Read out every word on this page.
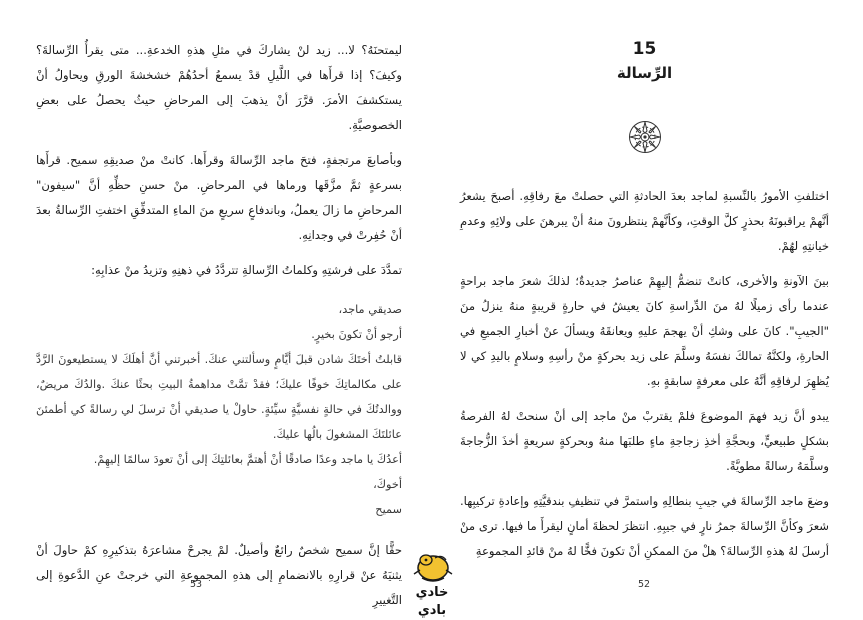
ليمتحنَهُ؟ لا... زيد لنْ يشاركَ في مثلِ هذهِ الخدعةِ... متى يقرأُ الرِّسالةَ؟ وكيفَ؟ إذا قرأَها في اللَّيلِ قدْ يسمعُ أحدُهُمْ خشخشةَ الورقِ ويحاولُ أنْ يستكشفَ الأمرَ. قرَّرَ أنْ يذهبَ إلى المرحاضِ حيثُ يحصلُ على بعضِ الخصوصيَّةِ.

وبأصابعَ مرتجفةٍ، فتحَ ماجد الرِّسالةَ وقرأَها. كانتْ منْ صديقِهِ سميح. قرأَها بسرعةٍ ثمَّ مزَّقَها ورماها في المرحاضِ. منْ حسنِ حظِّهِ أنَّ "سيفون" المرحاضِ ما زالَ يعملُ، وباندفاعٍ سريعٍ منَ الماءِ المتدفِّقِ اختفتِ الرِّسالةُ بعدَ أنْ حُفِرتْ في وجدانِهِ.

تمدَّدَ على فرشتِهِ وكلماتُ الرِّسالةِ تتردَّدُ في ذهنِهِ وتزيدُ منْ عذابِهِ:

صديقي ماجد،

أرجو أنْ تكونَ بخيرٍ.

قابلتُ أختَكَ شادن قبلَ أيَّامٍ وسألتني عنكَ. أخبرتني أنَّ أهلَكَ لا يستطيعونَ الرَّدَّ على مكالماتِكَ خوفًا عليكَ؛ فقدْ تمَّتْ مداهمةُ البيتِ بحثًا عنكَ .والدُكَ مريضٌ، ووالدتُكَ في حالةٍ نفسيَّةٍ سيِّئةٍ. حاولْ يا صديقي أنْ ترسلَ لي رسالةً كي أطمئنَ عائلتَكَ المشغولَ بالُها عليكَ.

أعدُكَ يا ماجد وعدًا صادقًا أنْ أهتمَّ بعائلتِكَ إلى أنْ تعودَ سالمًا إليهِمْ.

أخوكَ،

سميح

حقًّا إنَّ سميح شخصٌ رائعٌ وأصيلٌ. لمْ يجرحْ مشاعرَهُ بتذكيرِهِ كمْ حاولَ أنْ يثنيَهُ عنْ قرارِهِ بالانضمامِ إلى هذهِ المجموعةِ التي خرجتْ عنِ الدَّعوةِ إلى التَّغييرِ

53
15
الرِّسالة

اختلفتِ الأمورُ بالنِّسبةِ لماجد بعدَ الحادثةِ التي حصلتْ معَ رفاقِهِ. أصبحَ يشعرُ أنَّهمْ يراقبونَهُ بحذرٍ كلَّ الوقتِ، وكأنَّهمْ ينتظرونَ منهُ أنْ يبرهنَ على ولائِهِ وعدمِ خيانتِهِ لهُمْ.

بينَ الآونةِ والأخرى، كانتْ تنضمُّ إليهِمْ عناصرُ جديدةٌ؛ لذلكَ شعرَ ماجد براحةٍ عندما رأى زميلًا لهُ منَ الدِّراسةِ كانَ يعيشُ في حارةٍ قريبةٍ منهُ ينزلُ منَ "الجيبِ". كانَ على وشكِ أنْ يهجمَ عليهِ ويعانقَهُ ويسألَ عنْ أخبارِ الجميعِ في الحارةِ، ولكنَّهُ تمالكَ نفسَهُ وسلَّمَ على زيد بحركةٍ منْ رأسِهِ وسلامٍ باليدِ كي لا يُظهِرَ لرفاقِهِ أنَّهُ على معرفةٍ سابقةٍ بهِ.

يبدو أنَّ زيد فهمَ الموضوعَ فلمْ يقتربْ منْ ماجد إلى أنْ سنحتْ لهُ الفرصةُ بشكلٍ طبيعيٍّ، وبحجَّةِ أخذِ زجاجةِ ماءٍ طلبَها منهُ وبحركةٍ سريعةٍ أخذَ الزُّجاجةَ وسلَّمَهُ رسالةً مطويَّةً.

وضعَ ماجد الرِّسالةَ في جيبِ بنطالِهِ واستمرَّ في تنظيفِ بندقيَّتِهِ وإعادةِ تركيبِها. شعرَ وكأنَّ الرِّسالةَ جمرُ نارٍ في جيبِهِ. انتظرَ لحظةَ أمانٍ ليقرأَ ما فيها. ترى منْ أرسلَ لهُ هذهِ الرِّسالةَ؟ هلْ منَ الممكنِ أنْ تكونَ فخًّا لهُ منْ قائدِ المجموعةِ

52
خادي بادي
